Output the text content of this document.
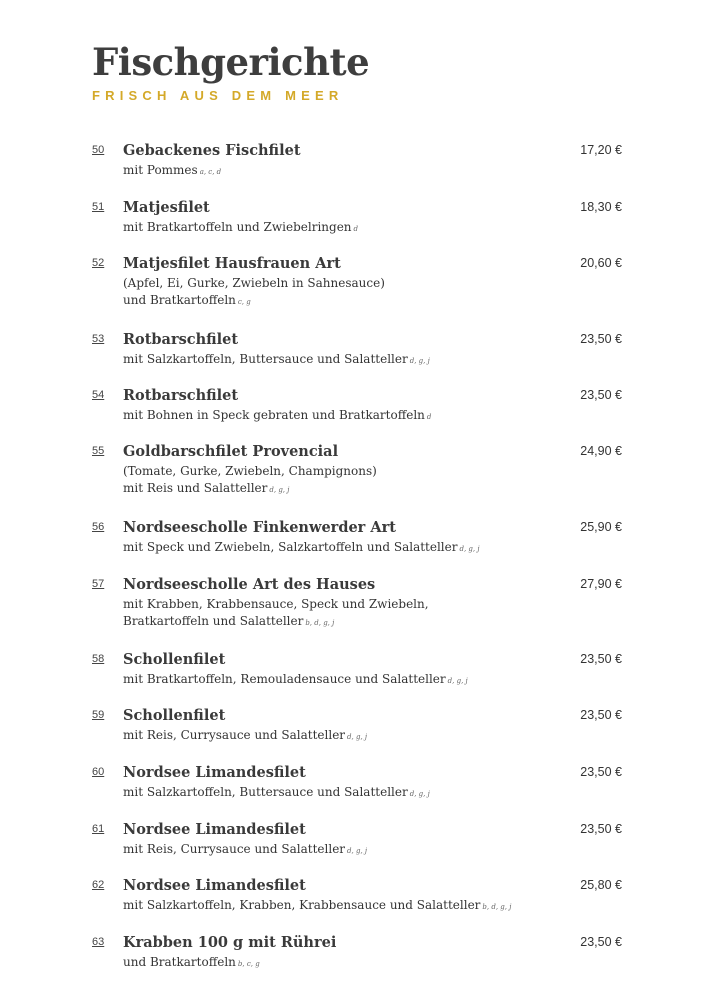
Fischgerichte
FRISCH AUS DEM MEER
50 Gebackenes Fischfilet	17,20 €
mit Pommes a, c, d
51 Matjesfilet	18,30 €
mit Bratkartoffeln und Zwiebelringen d
52 Matjesfilet Hausfrauen Art	20,60 €
(Apfel, Ei, Gurke, Zwiebeln in Sahnesauce)
und Bratkartoffeln c, g
53 Rotbarschfilet	23,50 €
mit Salzkartoffeln, Buttersauce und Salatteller d, g, j
54 Rotbarschfilet	23,50 €
mit Bohnen in Speck gebraten und Bratkartoffeln d
55 Goldbarschfilet Provencial	24,90 €
(Tomate, Gurke, Zwiebeln, Champignons)
mit Reis und Salatteller d, g, j
56 Nordseescholle Finkenwerder Art	25,90 €
mit Speck und Zwiebeln, Salzkartoffeln und Salatteller d, g, j
57 Nordseescholle Art des Hauses	27,90 €
mit Krabben, Krabbensauce, Speck und Zwiebeln,
Bratkartoffeln und Salatteller b, d, g, j
58 Schollenfilet	23,50 €
mit Bratkartoffeln, Remouladensauce und Salatteller d, g, j
59 Schollenfilet	23,50 €
mit Reis, Currysauce und Salatteller d, g, j
60 Nordsee Limandesfilet	23,50 €
mit Salzkartoffeln, Buttersauce und Salatteller d, g, j
61 Nordsee Limandesfilet	23,50 €
mit Reis, Currysauce und Salatteller d, g, j
62 Nordsee Limandesfilet	25,80 €
mit Salzkartoffeln, Krabben, Krabbensauce und Salatteller b, d, g, j
63 Krabben 100 g mit Rührei	23,50 €
und Bratkartoffeln b, c, g
